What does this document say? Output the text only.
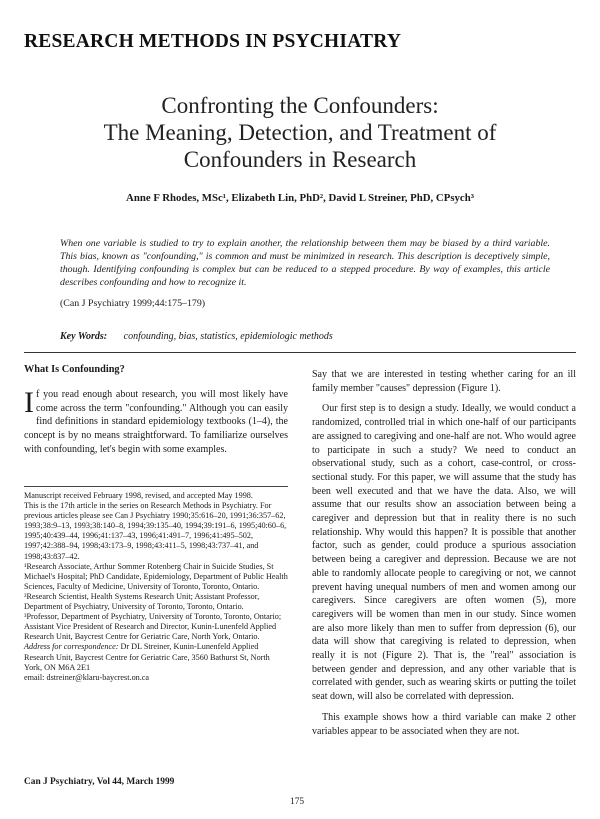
RESEARCH METHODS IN PSYCHIATRY
Confronting the Confounders:
The Meaning, Detection, and Treatment of
Confounders in Research
Anne F Rhodes, MSc¹, Elizabeth Lin, PhD², David L Streiner, PhD, CPsych³
When one variable is studied to try to explain another, the relationship between them may be biased by a third variable. This bias, known as "confounding," is common and must be minimized in research. This description is deceptively simple, though. Identifying confounding is complex but can be reduced to a stepped procedure. By way of examples, this article describes confounding and how to recognize it.
(Can J Psychiatry 1999;44:175–179)
Key Words: confounding, bias, statistics, epidemiologic methods
What Is Confounding?

If you read enough about research, you will most likely have come across the term "confounding." Although you can easily find definitions in standard epidemiology textbooks (1–4), the concept is by no means straightforward. To familiarize ourselves with confounding, let's begin with some examples.

Manuscript received February 1998, revised, and accepted May 1998.

This is the 17th article in the series on Research Methods in Psychiatry. For previous articles please see Can J Psychiatry 1990;35:616–20, 1991;36:357–62, 1993;38:9–13, 1993;38:140–8, 1994;39:135–40, 1994;39:191–6, 1995;40:60–6, 1995;40:439–44, 1996;41:137–43, 1996;41:491–7, 1996;41:495–502, 1997;42:388–94, 1998;43:173–9, 1998;43:411–5, 1998;43:737–41, and 1998;43:837–42.

¹Research Associate, Arthur Sommer Rotenberg Chair in Suicide Studies, St Michael's Hospital; PhD Candidate, Epidemiology, Department of Public Health Sciences, Faculty of Medicine, University of Toronto, Toronto, Ontario.

²Research Scientist, Health Systems Research Unit; Assistant Professor, Department of Psychiatry, University of Toronto, Toronto, Ontario.

³Professor, Department of Psychiatry, University of Toronto, Toronto, Ontario; Assistant Vice President of Research and Director, Kunin-Lunenfeld Applied Research Unit, Baycrest Centre for Geriatric Care, North York, Ontario.

Address for correspondence: Dr DL Streiner, Kunin-Lunenfeld Applied Research Unit, Baycrest Centre for Geriatric Care, 3560 Bathurst St, North York, ON M6A 2E1

email: dstreiner@klaru-baycrest.on.ca

Say that we are interested in testing whether caring for an ill family member "causes" depression (Figure 1).

Our first step is to design a study. Ideally, we would conduct a randomized, controlled trial in which one-half of our participants are assigned to caregiving and one-half are not. Who would agree to participate in such a study? We need to conduct an observational study, such as a cohort, case-control, or cross-sectional study. For this paper, we will assume that the study has been well executed and that we have the data. Also, we will assume that our results show an association between being a caregiver and depression but that in reality there is no such relationship. Why would this happen? It is possible that another factor, such as gender, could produce a spurious association between being a caregiver and depression. Because we are not able to randomly allocate people to caregiving or not, we cannot prevent having unequal numbers of men and women among our caregivers. Since caregivers are often women (5), more caregivers will be women than men in our study. Since women are also more likely than men to suffer from depression (6), our data will show that caregiving is related to depression, when really it is not (Figure 2). That is, the "real" association is between gender and depression, and any other variable that is correlated with gender, such as wearing skirts or putting the toilet seat down, will also be correlated with depression.

This example shows how a third variable can make 2 other variables appear to be associated when they are not.

Can J Psychiatry, Vol 44, March 1999
175
